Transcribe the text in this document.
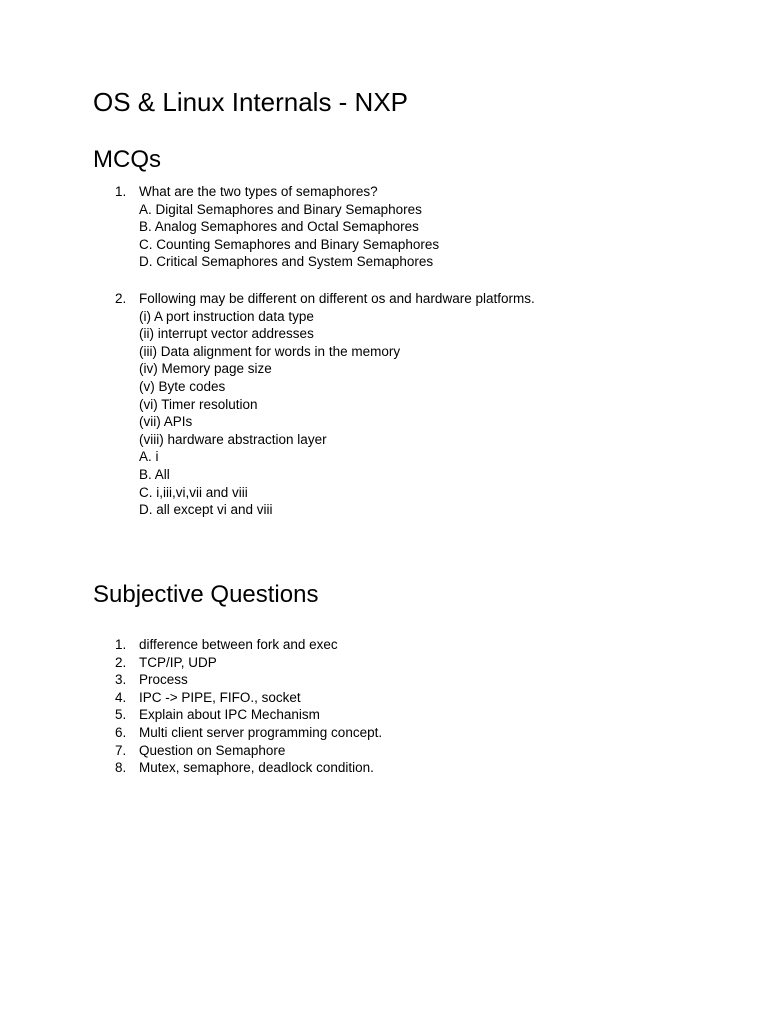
OS & Linux Internals - NXP
MCQs
1. What are the two types of semaphores?
A. Digital Semaphores and Binary Semaphores
B. Analog Semaphores and Octal Semaphores
C. Counting Semaphores and Binary Semaphores
D. Critical Semaphores and System Semaphores
2. Following may be different on different os and hardware platforms.
(i) A port instruction data type
(ii) interrupt vector addresses
(iii) Data alignment for words in the memory
(iv) Memory page size
(v) Byte codes
(vi) Timer resolution
(vii) APIs
(viii) hardware abstraction layer
A. i
B. All
C. i,iii,vi,vii and viii
D. all except vi and viii
Subjective Questions
1. difference between fork and exec
2. TCP/IP, UDP
3. Process
4. IPC -> PIPE, FIFO., socket
5. Explain about IPC Mechanism
6. Multi client server programming concept.
7. Question on Semaphore
8. Mutex, semaphore, deadlock condition.
